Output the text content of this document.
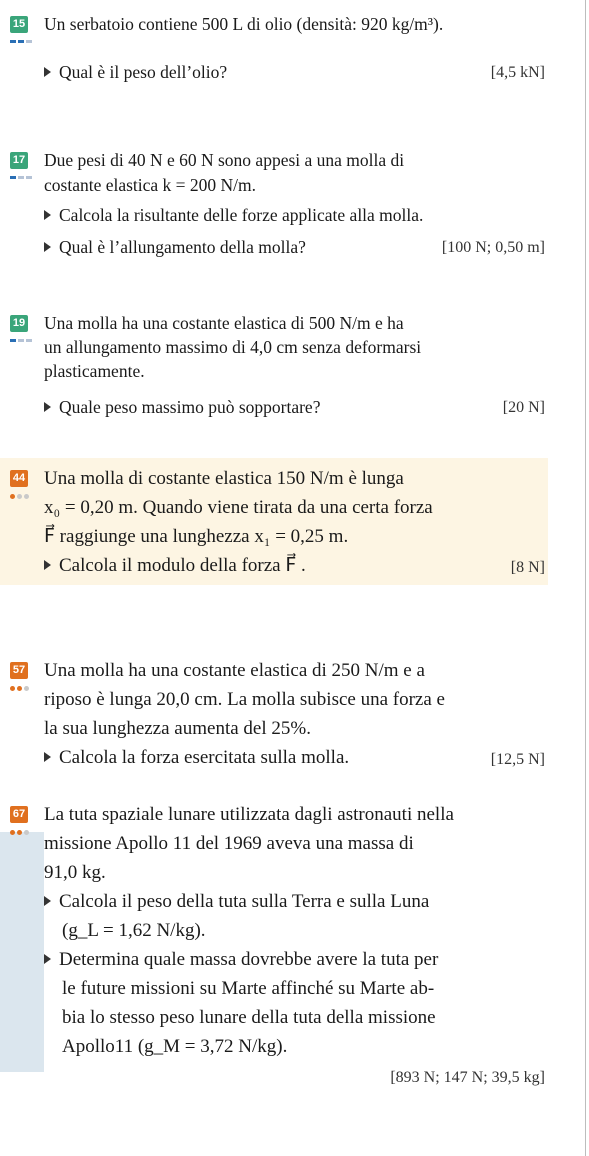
15 Un serbatoio contiene 500 L di olio (densità: 920 kg/m³).
Qual è il peso dell’olio?	[4,5 kN]
17 Due pesi di 40 N e 60 N sono appesi a una molla di
costante elastica k = 200 N/m.
Calcola la risultante delle forze applicate alla molla.
Qual è l’allungamento della molla?	[100 N; 0,50 m]
19 Una molla ha una costante elastica di 500 N/m e ha
un allungamento massimo di 4,0 cm senza deformarsi
plasticamente.
Quale peso massimo può sopportare?	[20 N]
44 Una molla di costante elastica 150 N/m è lunga
x₀ = 0,20 m. Quando viene tirata da una certa forza
F⃗ raggiunge una lunghezza x₁ = 0,25 m.
Calcola il modulo della forza F⃗ .	[8 N]
57 Una molla ha una costante elastica di 250 N/m e a
riposo è lunga 20,0 cm. La molla subisce una forza e
la sua lunghezza aumenta del 25%.
Calcola la forza esercitata sulla molla.	[12,5 N]
67 La tuta spaziale lunare utilizzata dagli astronauti nella
missione Apollo 11 del 1969 aveva una massa di
91,0 kg.
Calcola il peso della tuta sulla Terra e sulla Luna
(g_L = 1,62 N/kg).
Determina quale massa dovrebbe avere la tuta per
le future missioni su Marte affinché su Marte ab-
bia lo stesso peso lunare della tuta della missione
Apollo11 (g_M = 3,72 N/kg).
[893 N; 147 N; 39,5 kg]
